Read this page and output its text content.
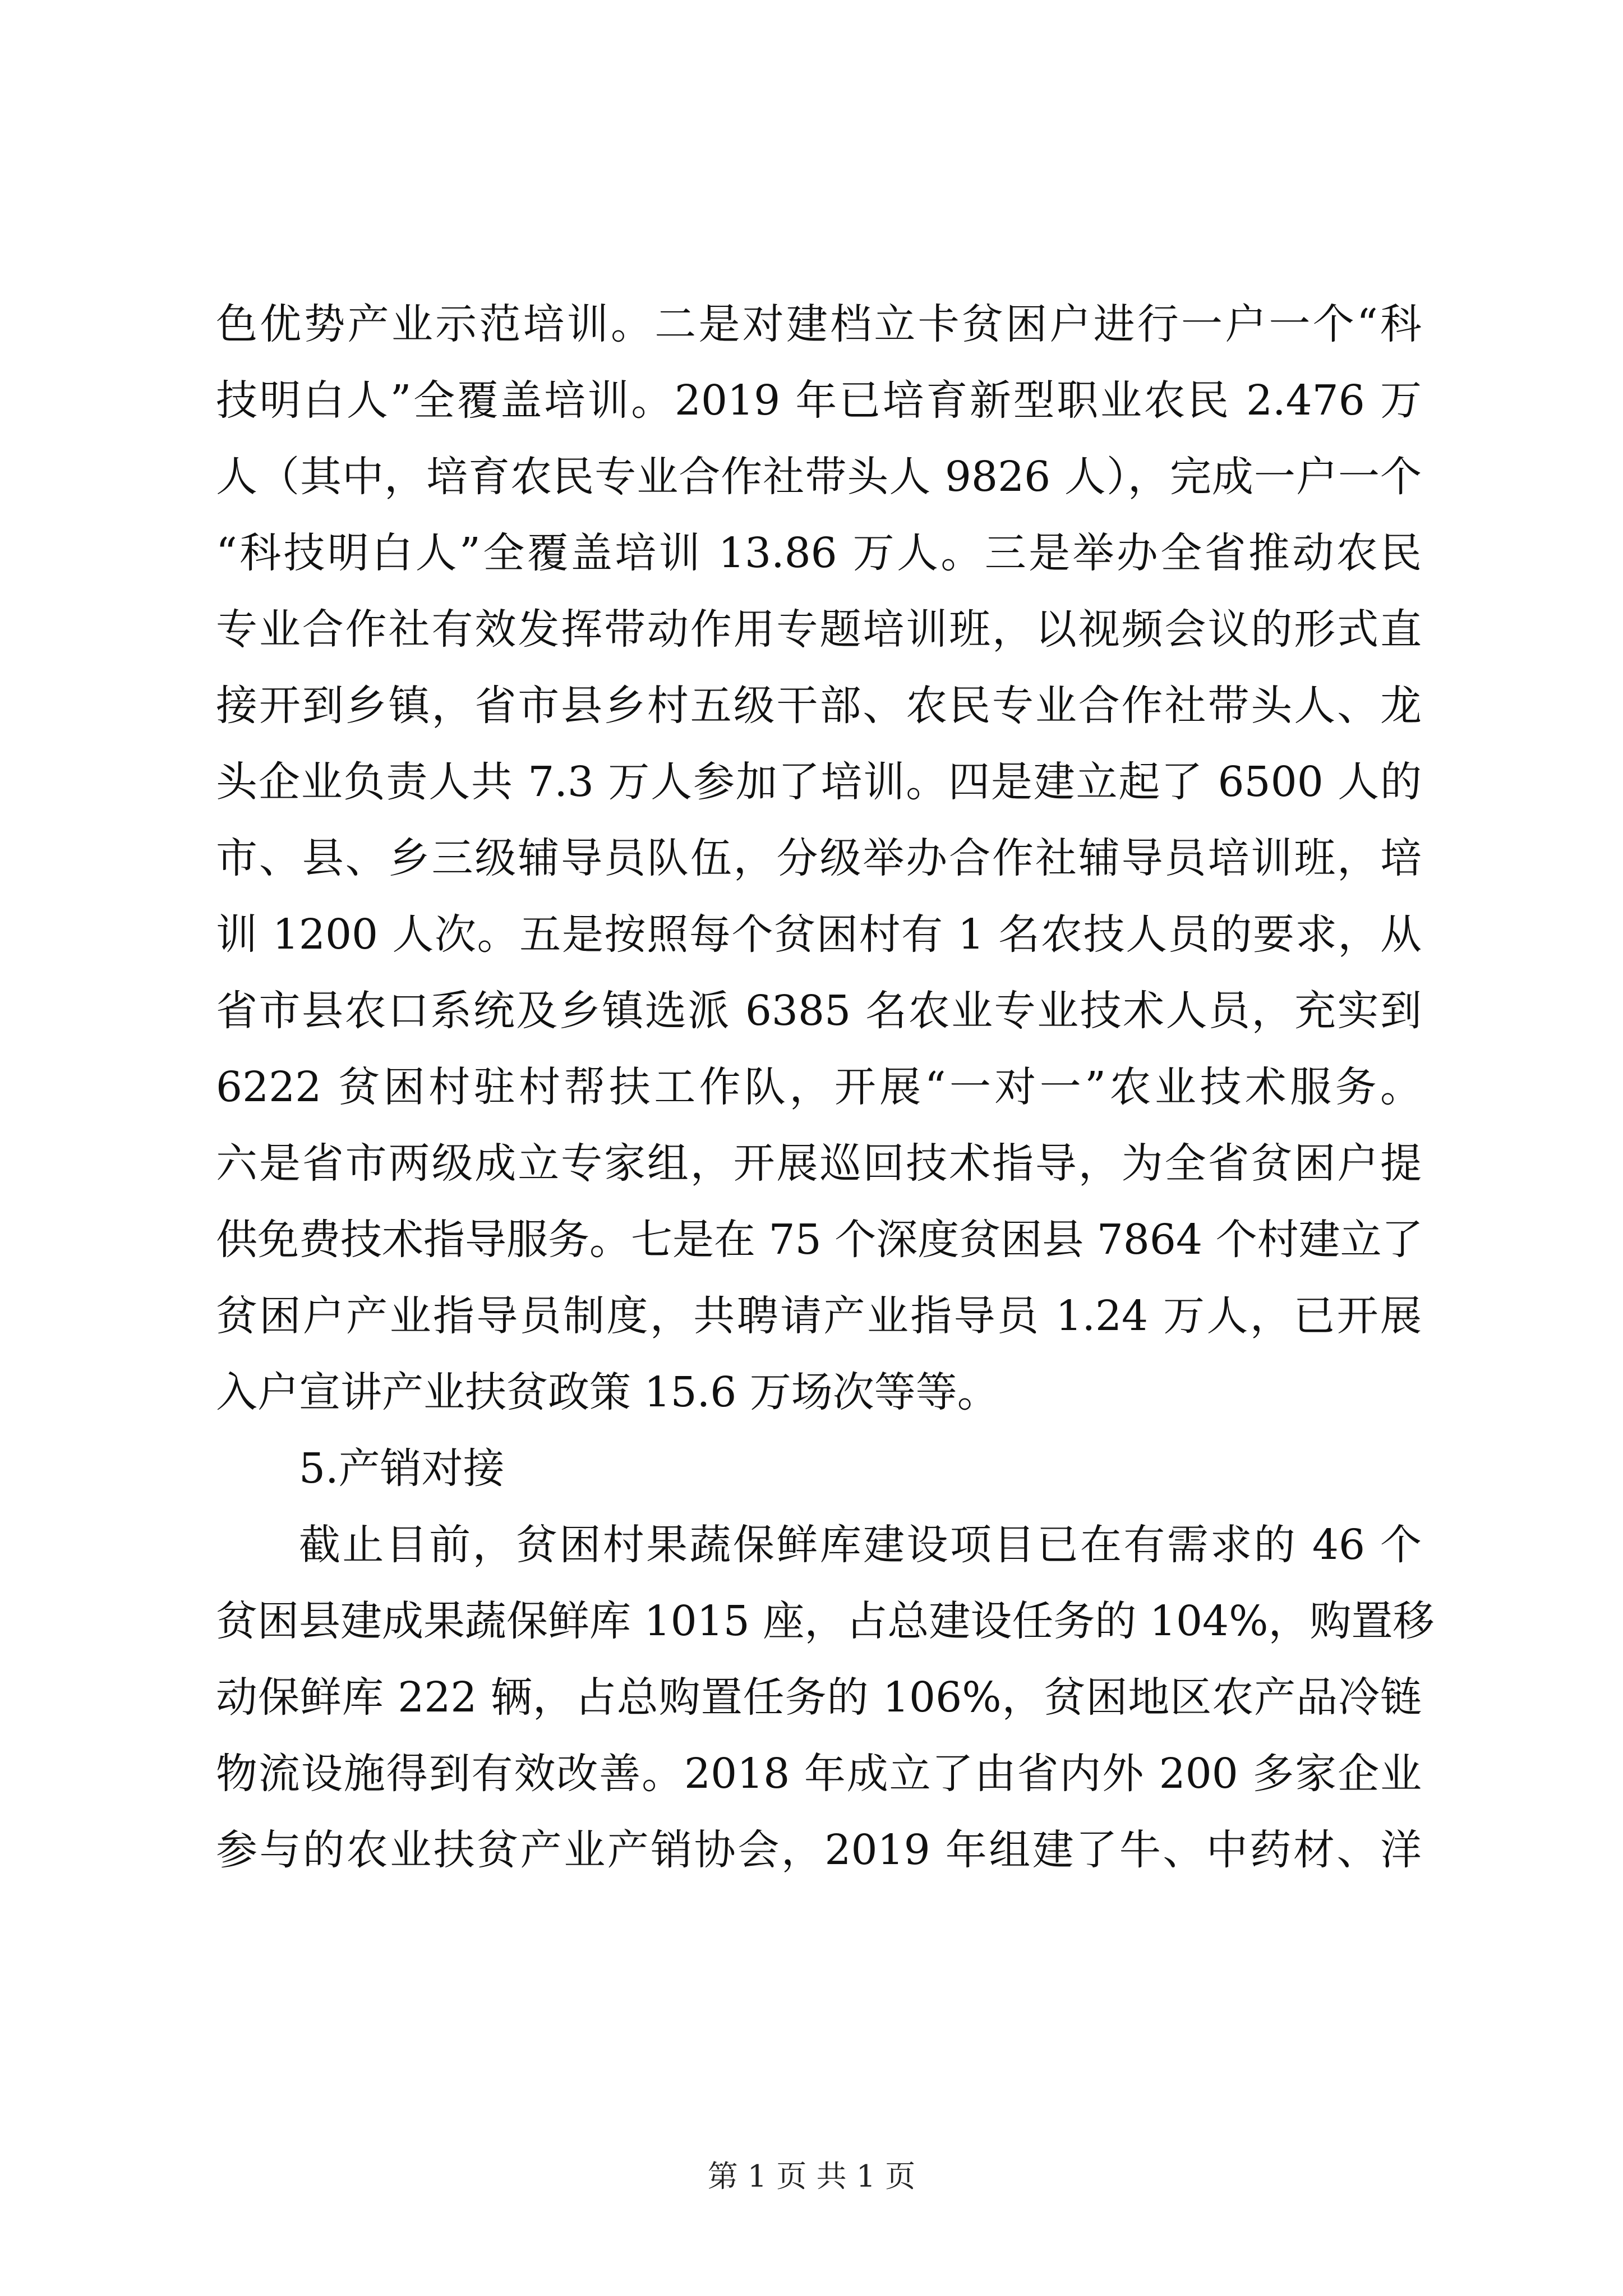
色优势产业示范培训。二是对建档立卡贫困户进行一户一个“科
技明白人”全覆盖培训。2019 年已培育新型职业农民 2.476 万
人（其中，培育农民专业合作社带头人 9826 人），完成一户一个
“科技明白人”全覆盖培训 13.86 万人。三是举办全省推动农民
专业合作社有效发挥带动作用专题培训班，以视频会议的形式直
接开到乡镇，省市县乡村五级干部、农民专业合作社带头人、龙
头企业负责人共 7.3 万人参加了培训。四是建立起了 6500 人的
市、县、乡三级辅导员队伍，分级举办合作社辅导员培训班，培
训 1200 人次。五是按照每个贫困村有 1 名农技人员的要求，从
省市县农口系统及乡镇选派 6385 名农业专业技术人员，充实到
6222 贫困村驻村帮扶工作队，开展“一对一”农业技术服务。
六是省市两级成立专家组，开展巡回技术指导，为全省贫困户提
供免费技术指导服务。七是在 75 个深度贫困县 7864 个村建立了
贫困户产业指导员制度，共聘请产业指导员 1.24 万人，已开展
入户宣讲产业扶贫政策 15.6 万场次等等。
5.产销对接
截止目前，贫困村果蔬保鲜库建设项目已在有需求的 46 个
贫困县建成果蔬保鲜库 1015 座，占总建设任务的 104%，购置移
动保鲜库 222 辆，占总购置任务的 106%，贫困地区农产品冷链
物流设施得到有效改善。2018 年成立了由省内外 200 多家企业
参与的农业扶贫产业产销协会，2019 年组建了牛、中药材、洋
第 1 页 共 1 页
